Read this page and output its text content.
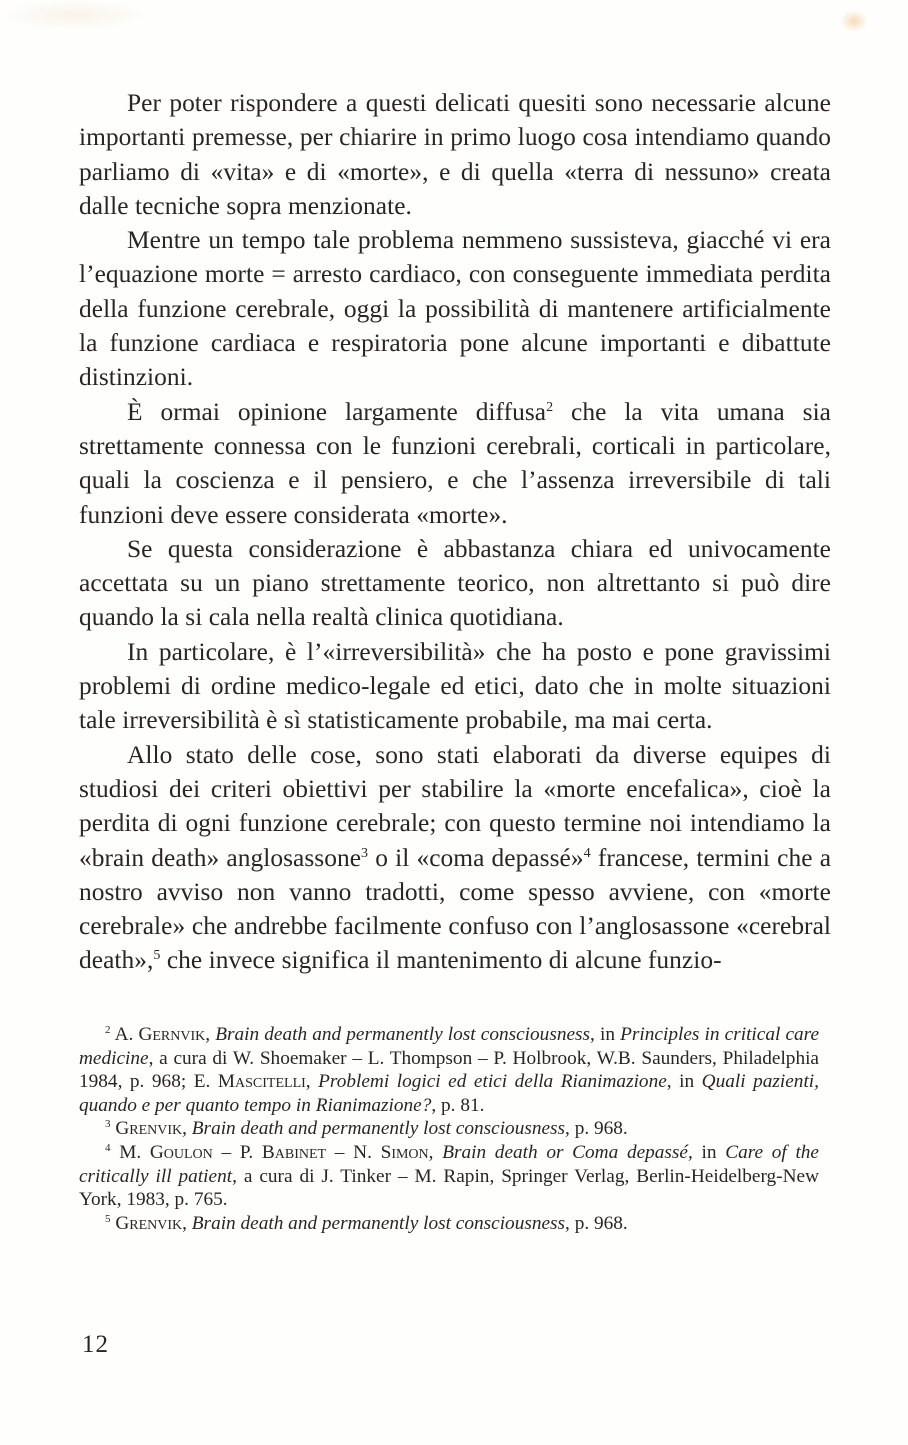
Per poter rispondere a questi delicati quesiti sono necessarie alcune importanti premesse, per chiarire in primo luogo cosa intendiamo quando parliamo di «vita» e di «morte», e di quella «terra di nessuno» creata dalle tecniche sopra menzionate.

Mentre un tempo tale problema nemmeno sussisteva, giacché vi era l’equazione morte = arresto cardiaco, con conseguente immediata perdita della funzione cerebrale, oggi la possibilità di mantenere artificialmente la funzione cardiaca e respiratoria pone alcune importanti e dibattute distinzioni.

È ormai opinione largamente diffusa$^2$ che la vita umana sia strettamente connessa con le funzioni cerebrali, corticali in particolare, quali la coscienza e il pensiero, e che l’assenza irreversibile di tali funzioni deve essere considerata «morte».

Se questa considerazione è abbastanza chiara ed univocamente accettata su un piano strettamente teorico, non altrettanto si può dire quando la si cala nella realtà clinica quotidiana.

In particolare, è l’«irreversibilità» che ha posto e pone gravissimi problemi di ordine medico-legale ed etici, dato che in molte situazioni tale irreversibilità è sì statisticamente probabile, ma mai certa.

Allo stato delle cose, sono stati elaborati da diverse equipes di studiosi dei criteri obiettivi per stabilire la «morte encefalica», cioè la perdita di ogni funzione cerebrale; con questo termine noi intendiamo la «brain death» anglosassone$^3$ o il «coma depassé»$^4$ francese, termini che a nostro avviso non vanno tradotti, come spesso avviene, con «morte cerebrale» che andrebbe facilmente confuso con l’anglosassone «cerebral death»,$^5$ che invece significa il mantenimento di alcune funzio-

$^2$ A. Gernvik, Brain death and permanently lost consciousness, in Principles in critical care medicine, a cura di W. Shoemaker – L. Thompson – P. Holbrook, W.B. Saunders, Philadelphia 1984, p. 968; E. Mascitelli, Problemi logici ed etici della Rianimazione, in Quali pazienti, quando e per quanto tempo in Rianimazione?, p. 81.

$^3$ Grenvik, Brain death and permanently lost consciousness, p. 968.

$^4$ M. Goulon – P. Babinet – N. Simon, Brain death or Coma depassé, in Care of the critically ill patient, a cura di J. Tinker – M. Rapin, Springer Verlag, Berlin-Heidelberg-New York, 1983, p. 765.

$^5$ Grenvik, Brain death and permanently lost consciousness, p. 968.

12
